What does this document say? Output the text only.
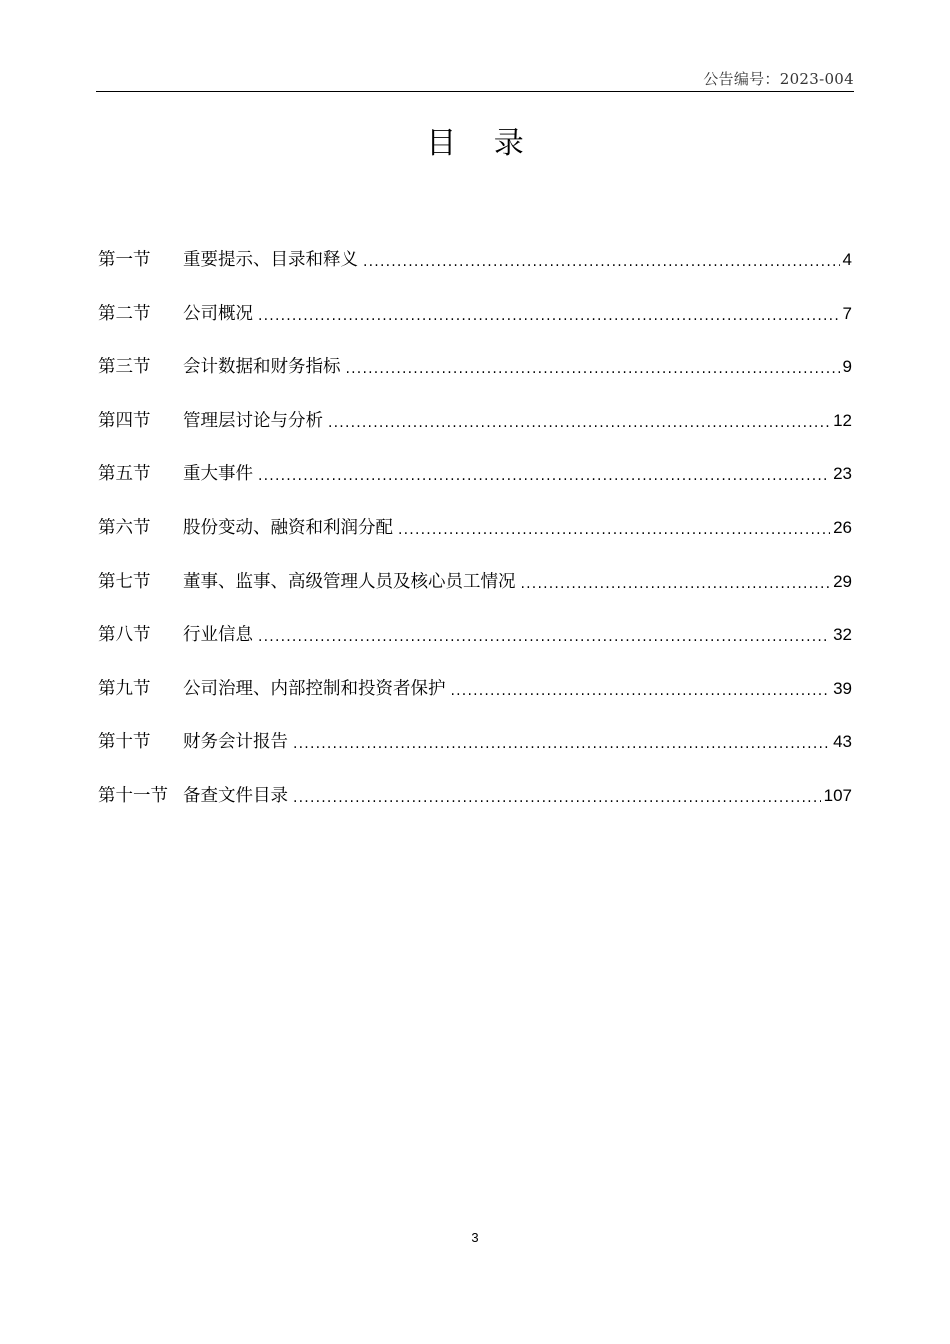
公告编号：2023-004
目 录
第一节	重要提示、目录和释义 .....	4
第二节	公司概况 .....	7
第三节	会计数据和财务指标 .....	9
第四节	管理层讨论与分析 .....	12
第五节	重大事件 .....	23
第六节	股份变动、融资和利润分配 .....	26
第七节	董事、监事、高级管理人员及核心员工情况 .....	29
第八节	行业信息 .....	32
第九节	公司治理、内部控制和投资者保护 .....	39
第十节	财务会计报告 .....	43
第十一节 备查文件目录 .....	107
3
